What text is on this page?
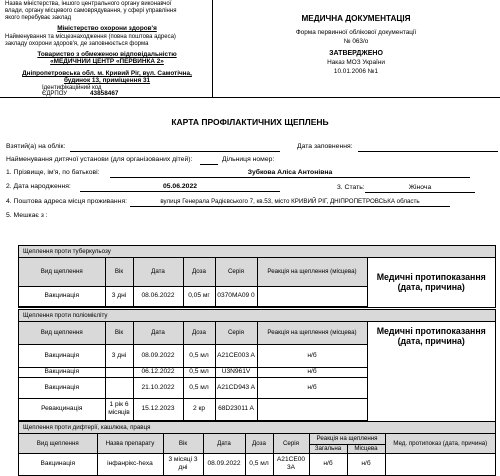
Назва міністерства, іншого центрального органу виконавчої
влади, органу місцевого самоврядування, у сфері управління
якого перебуває заклад
Міністерство охорони здоров'я
Найменування та місцезнаходження (повна поштова адреса)
закладу охорони здоров'я, де заповнюється форма
Товариство з обмеженою відповідальністю
«МЕДИЧНИЙ ЦЕНТР «ПЕРВИНКА 2»
Дніпропетровська обл. м. Кривий Ріг, вул. Самотічна,
будинок 13, приміщення 31
Ідентифікаційний код
ЄДРПОУ	43858467
МЕДИЧНА ДОКУМЕНТАЦІЯ
Форма первинної облікової документації
№ 063/о
ЗАТВЕРДЖЕНО
Наказ МОЗ України
10.01.2006 №1
КАРТА ПРОФІЛАКТИЧНИХ ЩЕПЛЕНЬ
Взятий(а) на облік:	Дата заповнення:
Найменування дитячої установи (для організованих дітей):	Дільниця номер:
1. Прізвище, ім'я, по батькові:	Зубкова Аліса Антонівна
2. Дата народження:	05.06.2022	3. Стать:	Жіноча
4. Поштова адреса місця проживання:	вулиця Генерала Радієвського 7, кв.53, місто КРИВИЙ РІГ, ДНІПРОПЕТРОВСЬКА область
5. Мешкає з :
Щеплення проти туберкульозу
Вид щеплення	Вік	Дата	Доза	Серія	Реакція на щеплення (місцева)	Медичні протипоказання (дата, причина)
Вакцинація	3 дні	08.06.2022	0,05 мг	0370MA09 0		
Щеплення проти поліомієліту
Вид щеплення	Вік	Дата	Доза	Серія	Реакція на щеплення (місцева)	Медичні протипоказання (дата, причина)
Вакцинація	3 дні	08.09.2022	0,5 мл	A21CE003 A	н/б	
Вакцинація		06.12.2022	0,5 мл	U3N961V	н/б	
Вакцинація		21.10.2022	0,5 мл	A21CD943 A	н/б	
Ревакцинація	1 рік 6 місяців	15.12.2023	2 кр	68D23011 A		
Щеплення проти дифтерії, кашлюка, правця
Вид щеплення	Назва препарату	Вік	Дата	Доза	Серія	Реакція на щеплення		Мед. протипоказ (дата, причина)
						Загальна	Місцева	
Вакцинація	інфанрікс-hexa	3 місяці 3 дні	08.09.2022	0,5 мл	A21CE00 3A	н/б	н/б	
